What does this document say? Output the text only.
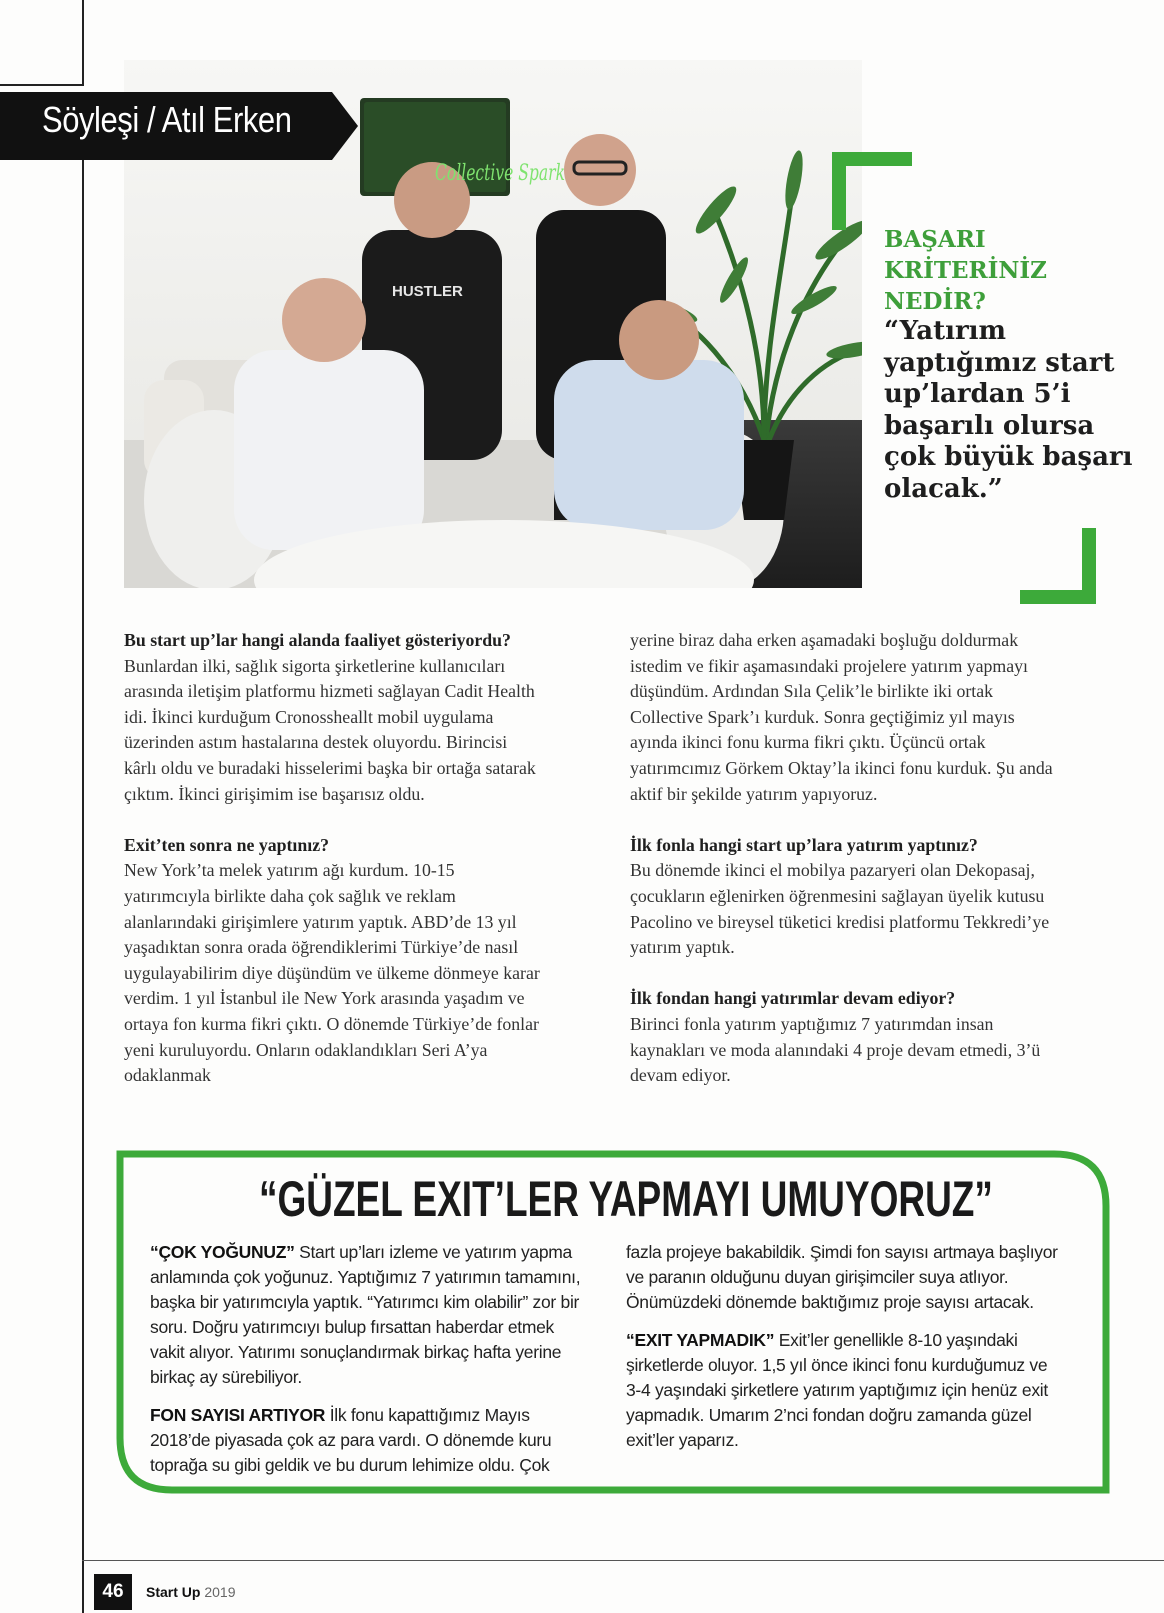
Collective Spark
HUSTLER
Söyleşi / Atıl Erken
BAŞARI KRİTERİNİZ NEDİR?
“Yatırım yaptığımız start up’lardan 5’i başarılı olursa çok büyük başarı olacak.”

Bu start up’lar hangi alanda faaliyet gösteriyordu?

Bunlardan ilki, sağlık sigorta şirketlerine kullanıcıları arasında iletişim platformu hizmeti sağlayan Cadit Health idi. İkinci kurduğum Cronossheallt mobil uygulama üzerinden astım hastalarına destek oluyordu. Birincisi kârlı oldu ve buradaki hisselerimi başka bir ortağa satarak çıktım. İkinci girişimim ise başarısız oldu.

Exit’ten sonra ne yaptınız?

New York’ta melek yatırım ağı kurdum. 10-15 yatırımcıyla birlikte daha çok sağlık ve reklam alanlarındaki girişimlere yatırım yaptık. ABD’de 13 yıl yaşadıktan sonra orada öğrendiklerimi Türkiye’de nasıl uygulayabilirim diye düşündüm ve ülkeme dönmeye karar verdim. 1 yıl İstanbul ile New York arasında yaşadım ve ortaya fon kurma fikri çıktı. O dönemde Türkiye’de fonlar yeni kuruluyordu. Onların odaklandıkları Seri A’ya odaklanmak

yerine biraz daha erken aşamadaki boşluğu doldurmak istedim ve fikir aşamasındaki projelere yatırım yapmayı düşündüm. Ardından Sıla Çelik’le birlikte iki ortak Collective Spark’ı kurduk. Sonra geçtiğimiz yıl mayıs ayında ikinci fonu kurma fikri çıktı. Üçüncü ortak yatırımcımız Görkem Oktay’la ikinci fonu kurduk. Şu anda aktif bir şekilde yatırım yapıyoruz.

İlk fonla hangi start up’lara yatırım yaptınız?

Bu dönemde ikinci el mobilya pazaryeri olan Dekopasaj, çocukların eğlenirken öğrenmesini sağlayan üyelik kutusu Pacolino ve bireysel tüketici kredisi platformu Tekkredi’ye yatırım yaptık.

İlk fondan hangi yatırımlar devam ediyor?

Birinci fonla yatırım yaptığımız 7 yatırımdan insan kaynakları ve moda alanındaki 4 proje devam etmedi, 3’ü devam ediyor.

“GÜZEL EXIT’LER YAPMAYI UMUYORUZ”

“ÇOK YOĞUNUZ” Start up’ları izleme ve yatırım yapma anlamında çok yoğunuz. Yaptığımız 7 yatırımın tamamını, başka bir yatırımcıyla yaptık. “Yatırımcı kim olabilir” zor bir soru. Doğru yatırımcıyı bulup fırsattan haberdar etmek vakit alıyor. Yatırımı sonuçlandırmak birkaç hafta yerine birkaç ay sürebiliyor.

FON SAYISI ARTIYOR İlk fonu kapattığımız Mayıs 2018’de piyasada çok az para vardı. O dönemde kuru toprağa su gibi geldik ve bu durum lehimize oldu. Çok

fazla projeye bakabildik. Şimdi fon sayısı artmaya başlıyor ve paranın olduğunu duyan girişimciler suya atlıyor. Önümüzdeki dönemde baktığımız proje sayısı artacak.

“EXIT YAPMADIK” Exit’ler genellikle 8-10 yaşındaki şirketlerde oluyor. 1,5 yıl önce ikinci fonu kurduğumuz ve 3-4 yaşındaki şirketlere yatırım yaptığımız için henüz exit yapmadık. Umarım 2’nci fondan doğru zamanda güzel exit’ler yaparız.

46	Start Up 2019
